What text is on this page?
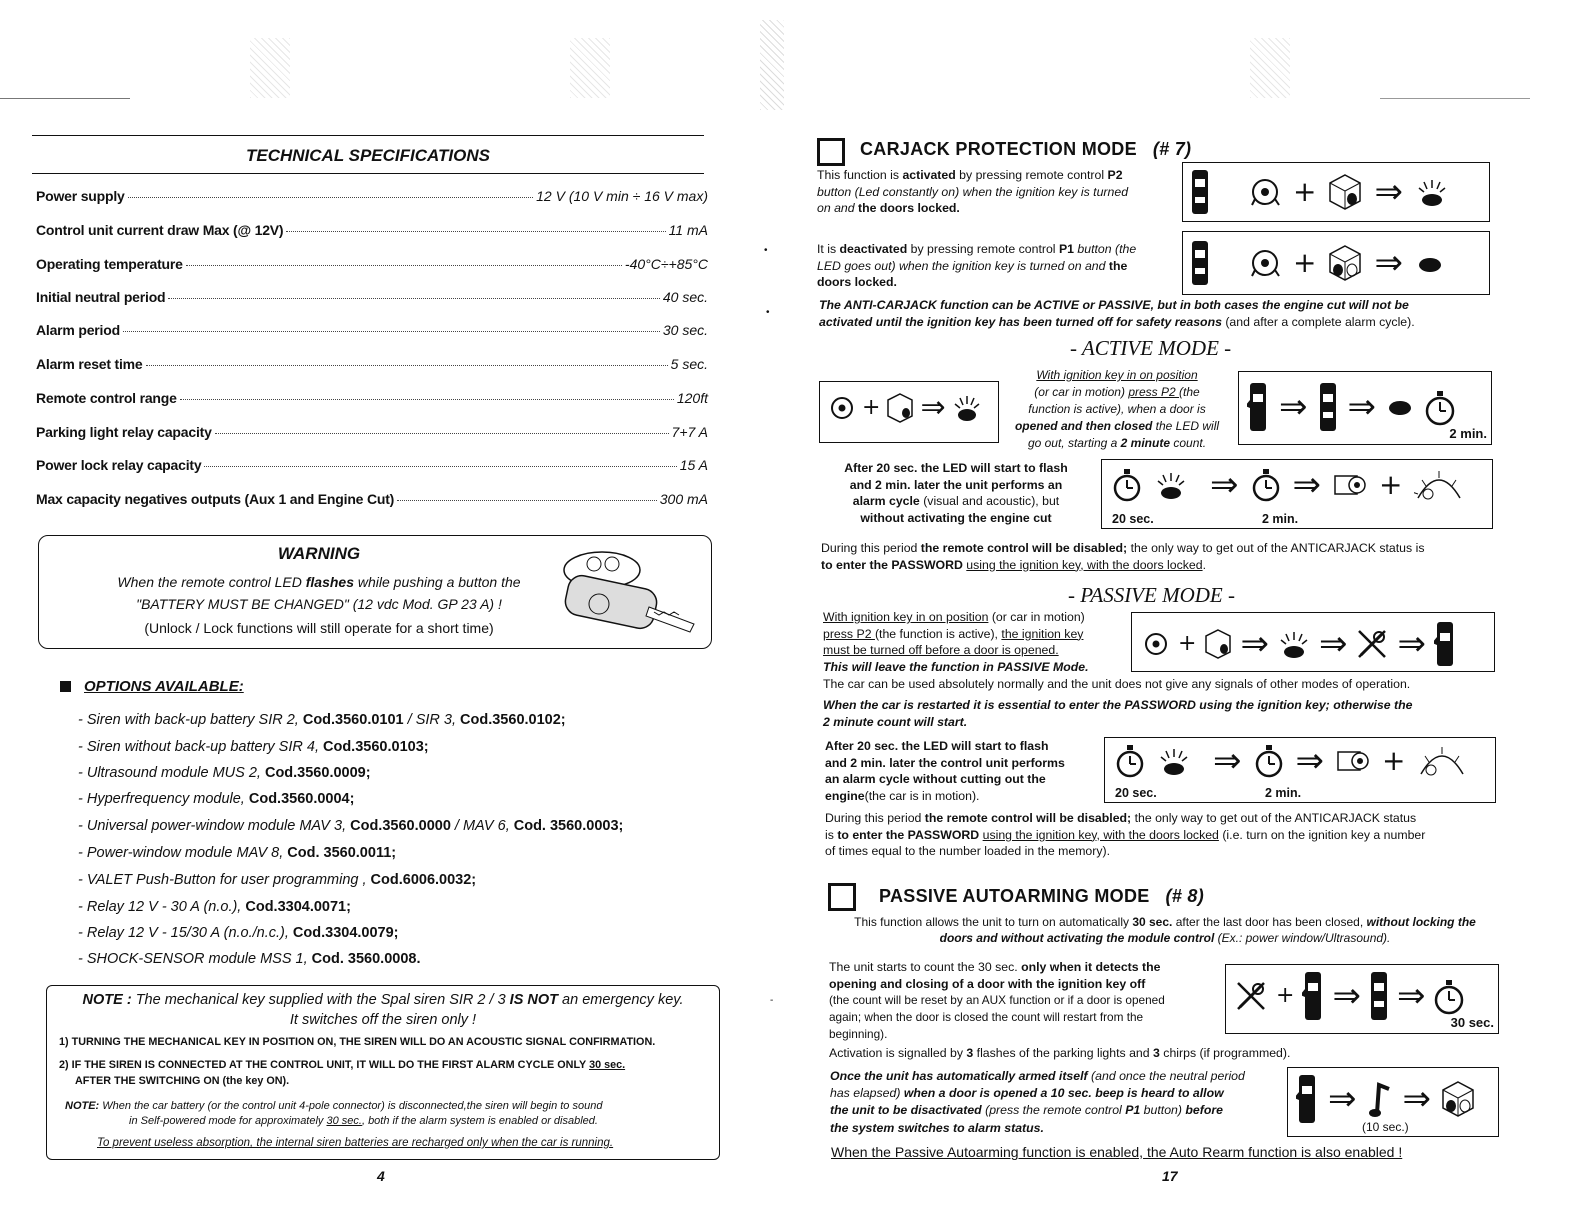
TECHNICAL SPECIFICATIONS
Power supply	12 V (10 V min ÷ 16 V max)
Control unit current draw Max (@ 12V)	11 mA
Operating temperature	-40°C÷+85°C
Initial neutral period	40 sec.
Alarm period	30 sec.
Alarm reset time	5 sec.
Remote control range	120ft
Parking light relay capacity	7+7 A
Power lock relay capacity	15 A
Max capacity negatives outputs (Aux 1 and Engine Cut)	300 mA
WARNING
When the remote control LED flashes while pushing a button the
"BATTERY MUST BE CHANGED" (12 vdc Mod. GP 23 A) !
(Unlock / Lock functions will still operate for a short time)
OPTIONS AVAILABLE:
- Siren with back-up battery SIR 2, Cod.3560.0101 / SIR 3, Cod.3560.0102;
- Siren without back-up battery SIR 4, Cod.3560.0103;
- Ultrasound module MUS 2, Cod.3560.0009;
- Hyperfrequency module, Cod.3560.0004;
- Universal power-window module MAV 3, Cod.3560.0000 / MAV 6, Cod. 3560.0003;
- Power-window module MAV 8, Cod. 3560.0011;
- VALET Push-Button for user programming , Cod.6006.0032;
- Relay 12 V - 30 A (n.o.), Cod.3304.0071;
- Relay 12 V - 15/30 A (n.o./n.c.), Cod.3304.0079;
- SHOCK-SENSOR module MSS 1, Cod. 3560.0008.
NOTE : The mechanical key supplied with the Spal siren SIR 2 / 3 IS NOT an emergency key.
It switches off the siren only !
1) TURNING THE MECHANICAL KEY IN POSITION ON, THE SIREN WILL DO AN ACOUSTIC SIGNAL CONFIRMATION.
2) IF THE SIREN IS CONNECTED AT THE CONTROL UNIT, IT WILL DO THE FIRST ALARM CYCLE ONLY 30 sec.
AFTER THE SWITCHING ON (the key ON).
NOTE: When the car battery (or the control unit 4-pole connector) is disconnected,the siren will begin to sound
in Self-powered mode for approximately 30 sec., both if the alarm system is enabled or disabled.
To prevent useless absorption, the internal siren batteries are recharged only when the car is running.
4
•
•
-
CARJACK PROTECTION MODE (# 7)
This function is activated by pressing remote control P2
button (Led constantly on) when the ignition key is turned
on and the doors locked.
+ ⇒
It is deactivated by pressing remote control P1 button (the
LED goes out) when the ignition key is turned on and the
doors locked.
+ ⇒
The ANTI-CARJACK function can be ACTIVE or PASSIVE, but in both cases the engine cut will not be
activated until the ignition key has been turned off for safety reasons (and after a complete alarm cycle).
- ACTIVE MODE -
+ ⇒
With ignition key in on position
(or car in motion) press P2 (the
function is active), when a door is
opened and then closed the LED will
go out, starting a 2 minute count.
⇒ ⇒
2 min.
After 20 sec. the LED will start to flash
and 2 min. later the unit performs an
alarm cycle (visual and acoustic), but
without activating the engine cut
⇒ ⇒ +
20 sec.	2 min.
During this period the remote control will be disabled; the only way to get out of the ANTICARJACK status is
to enter the PASSWORD using the ignition key, with the doors locked.
- PASSIVE MODE -
With ignition key in on position (or car in motion)
press P2 (the function is active), the ignition key
must be turned off before a door is opened.
This will leave the function in PASSIVE Mode.
+ ⇒ ⇒ ⇒
The car can be used absolutely normally and the unit does not give any signals of other modes of operation.
When the car is restarted it is essential to enter the PASSWORD using the ignition key; otherwise the
2 minute count will start.
After 20 sec. the LED will start to flash
and 2 min. later the control unit performs
an alarm cycle without cutting out the
engine(the car is in motion).
⇒ ⇒ +
20 sec.	2 min.
During this period the remote control will be disabled; the only way to get out of the ANTICARJACK status
is to enter the PASSWORD using the ignition key, with the doors locked (i.e. turn on the ignition key a number
of times equal to the number loaded in the memory).
PASSIVE AUTOARMING MODE (# 8)
This function allows the unit to turn on automatically 30 sec. after the last door has been closed, without locking the
doors and without activating the module control (Ex.: power window/Ultrasound).
The unit starts to count the 30 sec. only when it detects the
opening and closing of a door with the ignition key off
(the count will be reset by an AUX function or if a door is opened
again; when the door is closed the count will restart from the
beginning).
+ ⇒ ⇒
30 sec.
Activation is signalled by 3 flashes of the parking lights and 3 chirps (if programmed).
Once the unit has automatically armed itself (and once the neutral period
has elapsed) when a door is opened a 10 sec. beep is heard to allow
the unit to be disactivated (press the remote control P1 button) before
the system switches to alarm status.
⇒ ⇒
(10 sec.)
When the Passive Autoarming function is enabled, the Auto Rearm function is also enabled !
17
